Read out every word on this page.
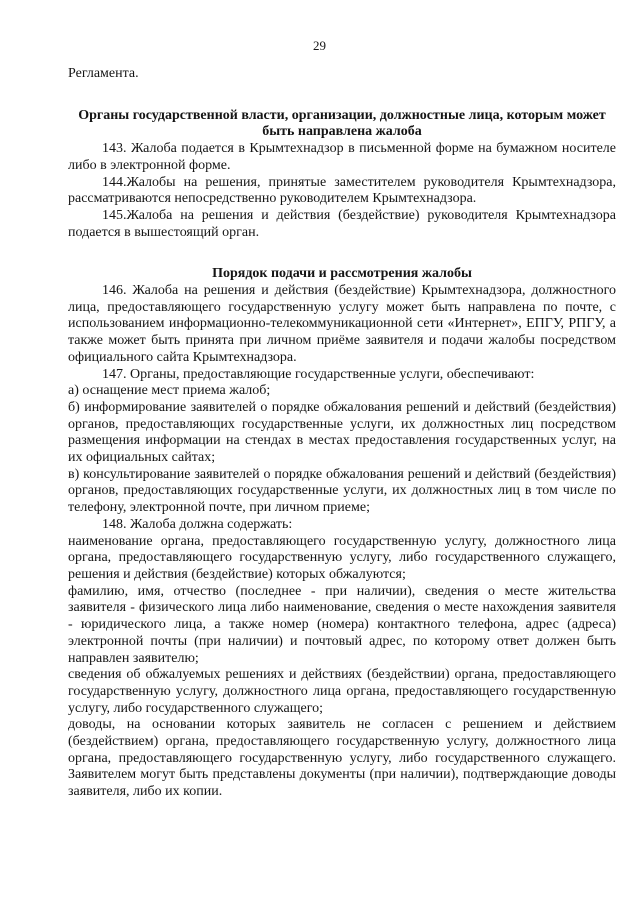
29

Регламента.

Органы государственной власти, организации, должностные лица, которым может быть направлена жалоба

143. Жалоба подается в Крымтехнадзор в письменной форме на бумажном носителе либо в электронной форме.

144.Жалобы на решения, принятые заместителем руководителя Крымтехнадзора, рассматриваются непосредственно руководителем Крымтехнадзора.

145.Жалоба на решения и действия (бездействие) руководителя Крымтехнадзора подается в вышестоящий орган.

Порядок подачи и рассмотрения жалобы

146. Жалоба на решения и действия (бездействие) Крымтехнадзора, должностного лица, предоставляющего государственную услугу может быть направлена по почте, с использованием информационно-телекоммуникационной сети «Интернет», ЕПГУ, РПГУ, а также может быть принята при личном приёме заявителя и подачи жалобы посредством официального сайта Крымтехнадзора.

147. Органы, предоставляющие государственные услуги, обеспечивают:

а) оснащение мест приема жалоб;

б) информирование заявителей о порядке обжалования решений и действий (бездействия) органов, предоставляющих государственные услуги, их должностных лиц посредством размещения информации на стендах в местах предоставления государственных услуг, на их официальных сайтах;

в) консультирование заявителей о порядке обжалования решений и действий (бездействия) органов, предоставляющих государственные услуги, их должностных лиц в том числе по телефону, электронной почте, при личном приеме;

148. Жалоба должна содержать:

наименование органа, предоставляющего государственную услугу, должностного лица органа, предоставляющего государственную услугу, либо государственного служащего, решения и действия (бездействие) которых обжалуются;

фамилию, имя, отчество (последнее - при наличии), сведения о месте жительства заявителя - физического лица либо наименование, сведения о месте нахождения заявителя - юридического лица, а также номер (номера) контактного телефона, адрес (адреса) электронной почты (при наличии) и почтовый адрес, по которому ответ должен быть направлен заявителю;

сведения об обжалуемых решениях и действиях (бездействии) органа, предоставляющего государственную услугу, должностного лица органа, предоставляющего государственную услугу, либо государственного служащего;

доводы, на основании которых заявитель не согласен с решением и действием (бездействием) органа, предоставляющего государственную услугу, должностного лица органа, предоставляющего государственную услугу, либо государственного служащего. Заявителем могут быть представлены документы (при наличии), подтверждающие доводы заявителя, либо их копии.
